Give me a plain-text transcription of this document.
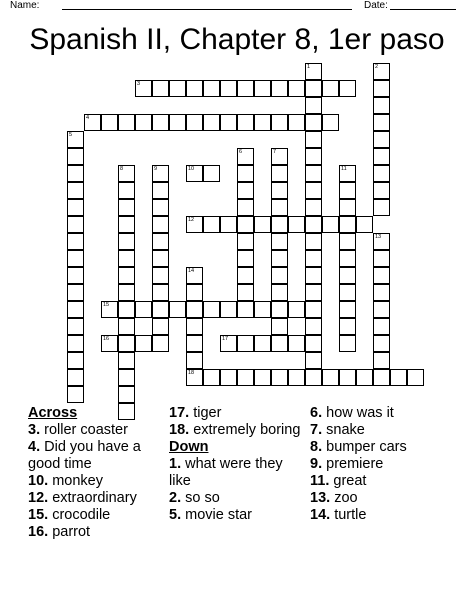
Name:	Date:
Spanish II, Chapter 8, 1er paso
1	2
3
4
5
6	7
8	9	10	11
12
13
14
15
16	17
18
Across
3. roller coaster
4. Did you have a good time
10. monkey
12. extraordinary
15. crocodile
16. parrot
17. tiger
18. extremely boring
Down
1. what were they like
2. so so
5. movie star
6. how was it
7. snake
8. bumper cars
9. premiere
11. great
13. zoo
14. turtle
